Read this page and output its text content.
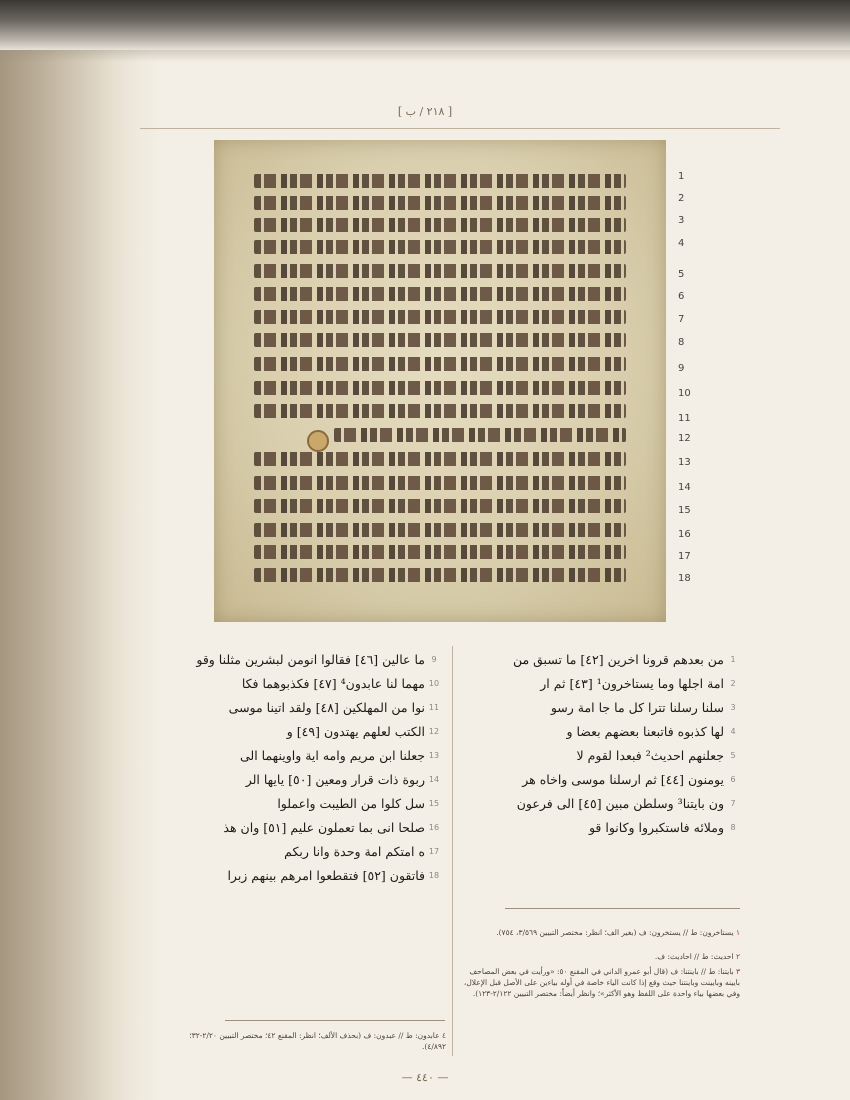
[ ٢١٨ / ب ]
1
2
3
4
5
6
7
8
9
10
11
12
13
14
15
16
17
18
1
من بعدهم قرونا اخرين [٤٢] ما تسبق من
2
امة اجلها وما يستاخرون¹ [٤٣] ثم ار
3
سلنا رسلنا تترا كل ما جا امة رسو
4
لها كذبوه فاتبعنا بعضهم بعضا و
5
جعلنهم احديث² فبعدا لقوم لا
6
يومنون [٤٤] ثم ارسلنا موسى واخاه هر
7
ون بايتنا³ وسلطن مبين [٤٥] الى فرعون
8
وملائه فاستكبروا وكانوا قو
9
ما عالين [٤٦] فقالوا انومن لبشرين مثلنا وقو
10
مهما لنا عابدون⁴ [٤٧] فكذبوهما فكا
11
نوا من المهلكين [٤٨] ولقد اتينا موسى
12
الكتب لعلهم يهتدون [٤٩] و
13
جعلنا ابن مريم وامه اية واوينهما الى
14
ربوة ذات قرار ومعين [٥٠] يايها الر
15
سل كلوا من الطيبت واعملوا
16
صلحا انى بما تعملون عليم [٥١] وان هذ
17
ه امتكم امة وحدة وانا ربكم
18
فاتقون [٥٢] فتقطعوا امرهم بينهم زبرا
١ يستاخرون: ط // يستخرون: ف (بغير الف؛ انظر: مختصر التبيين ٣/٥٦٩، ٧٥٤).
٢ احديث: ط // احاديث: ف.
٣ بايتنا: ط // باينتنا: ف (قال أبو عمرو الداني في المقنع ٥٠: «ورأيت في بعض المصاحف بايينه وبايينت وباينتنا حيث وقع إذا كانت الياء خاصة في أوله بياءين على الأصل قبل الإعلال، وفي بعضها بياء واحدة على اللفظ وهو الأكثر»؛ وانظر أيضاً: مختصر التبيين ٢/١٢٢-١٢٣).
٤ عابدون: ط // عبدون: ف (بحذف الألف؛ انظر: المقنع ٤٢؛ مختصر التبيين ٢/٢٠-٣٢؛ ٤/٨٩٢).
— ٤٤٠ —
